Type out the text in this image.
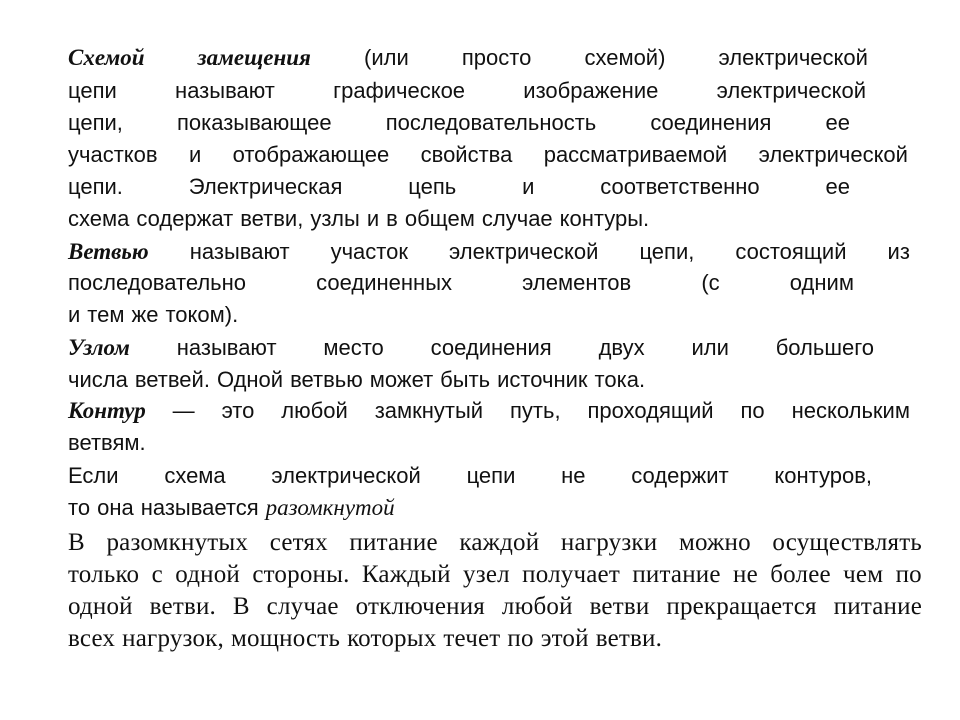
Схемой замещения (или просто схемой) электрической
цепи	называют	графическое	изображение	электрической
цепи, показывающее последовательность соединения ее
участков и отображающее свойства рассматриваемой электрической
цепи.	Электрическая	цепь	и	соответственно	ее
схема содержат ветви, узлы и в общем случае контуры.
Ветвью называют участок электрической цепи, состоящий из
последовательно	соединенных	элементов	(с	одним
и тем же током).
Узлом называют место соединения двух или большего
числа ветвей. Одной ветвью может быть источник тока.
Контур — это любой замкнутый путь, проходящий по нескольким
ветвям.
Если схема электрической цепи не содержит контуров,
то она называется разомкнутой
В разомкнутых сетях питание каждой нагрузки можно осуществлять
только с одной стороны. Каждый узел получает питание не более чем по
одной ветви. В случае отключения любой ветви прекращается питание
всех нагрузок, мощность которых течет по этой ветви.
